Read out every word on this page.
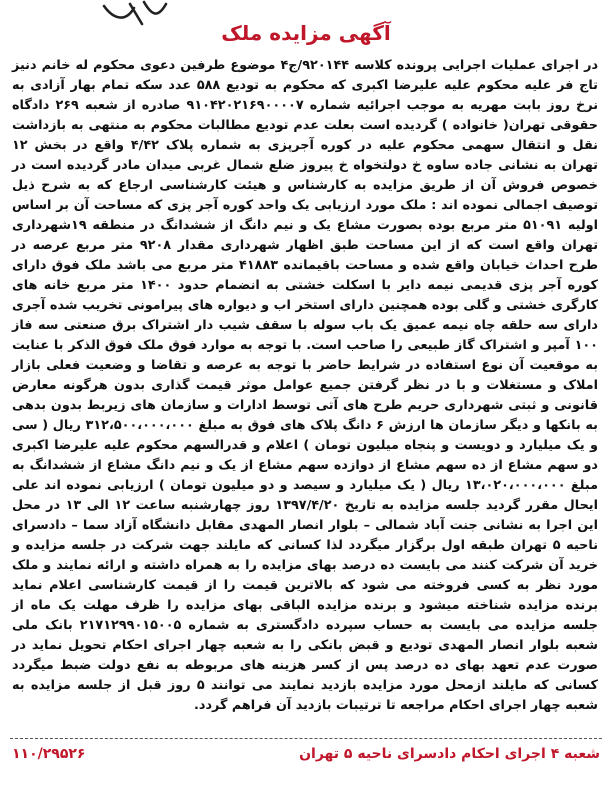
آگهی مزایده ملک

در اجرای عملیات اجرایی پرونده کلاسه ۹۲۰۱۴۴/ج۴ موضوع طرفین دعوی محکوم له خانم دنیز تاج فر علیه محکوم علیه علیرضا اکبری که محکوم به تودیع ۵۸۸ عدد سکه تمام بهار آزادی به نرخ روز بابت مهریه به موجب اجرائیه شماره ۹۱۰۴۲۰۲۱۶۹۰۰۰۰۷ صادره از شعبه ۲۶۹ دادگاه حقوقی تهران( خانواده ) گردیده است بعلت عدم تودیع مطالبات محکوم به منتهی به بازداشت نقل و انتقال سهمی محکوم علیه در کوره آجرپزی به شماره پلاک ۴/۴۲ واقع در بخش ۱۲ تهران به نشانی جاده ساوه خ دولتخواه خ پیروز ضلع شمال غربی میدان مادر گردیده است در خصوص فروش آن از طریق مزایده به کارشناس و هیئت کارشناسی ارجاع که به شرح ذیل توصیف اجمالی نموده اند : ملک مورد ارزیابی یک واحد کوره آجر پزی که مساحت آن بر اساس اولیه ۵۱۰۹۱ متر مربع بوده بصورت مشاع یک و نیم دانگ از ششدانگ در منطقه ۱۹شهرداری تهران واقع است که از این مساحت طبق اظهار شهرداری مقدار ۹۲۰۸ متر مربع عرصه در طرح احداث خیابان واقع شده و مساحت باقیمانده ۴۱۸۸۳ متر مربع می باشد ملک فوق دارای کوره آجر پزی قدیمی نیمه دایر با اسکلت خشتی به انضمام حدود ۱۴۰۰ متر مربع خانه های کارگری خشتی و گلی بوده همچنین دارای استخر اب و دیواره های پیرامونی تخریب شده آجری دارای سه حلقه چاه نیمه عمیق یک باب سوله با سقف شیب دار اشتراک برق صنعتی سه فاز ۱۰۰ آمپر و اشتراک گاز طبیعی را صاحب است. با توجه به موارد فوق ملک فوق الذکر با عنایت به موقعیت آن نوع استفاده در شرایط حاضر با توجه به عرصه و تقاضا و وضعیت فعلی بازار املاک و مستغلات و با در نظر گرفتن جمیع عوامل موثر قیمت گذاری بدون هرگونه معارض قانونی و ثبتی شهرداری حریم طرح های آتی توسط ادارات و سازمان های زیربط بدون بدهی به بانکها و دیگر سازمان ها ارزش ۶ دانگ پلاک های فوق به مبلغ ۳۱۲،۵۰۰،۰۰۰،۰۰۰ ریال ( سی و یک میلیارد و دویست و پنجاه میلیون تومان ) اعلام و قدرالسهم محکوم علیه علیرضا اکبری دو سهم مشاع از ده سهم مشاع از دوازده سهم مشاع از یک و نیم دانگ مشاع از ششدانگ به مبلغ ۱۳،۰۲۰،۰۰۰،۰۰۰ ریال ( یک میلیارد و سیصد و دو میلیون تومان ) ارزیابی نموده اند علی ایحال مقرر گردید جلسه مزایده به تاریخ ۱۳۹۷/۴/۲۰ روز چهارشنبه ساعت ۱۲ الی ۱۳ در محل این اجرا به نشانی جنت آباد شمالی – بلوار انصار المهدی مقابل دانشگاه آزاد سما – دادسرای ناحیه ۵ تهران طبقه اول برگزار میگردد لذا کسانی که مایلند جهت شرکت در جلسه مزایده و خرید آن شرکت کنند می بایست ده درصد بهای مزایده را به همراه داشته و ارائه نمایند و ملک مورد نظر به کسی فروخته می شود که بالاترین قیمت را از قیمت کارشناسی اعلام نماید برنده مزایده شناخته میشود و برنده مزایده الباقی بهای مزایده را ظرف مهلت یک ماه از جلسه مزایده می بایست به حساب سپرده دادگستری به شماره ۲۱۷۱۲۹۹۰۱۵۰۰۵ بانک ملی شعبه بلوار انصار المهدی تودیع و قبض بانکی را به شعبه چهار اجرای احکام تحویل نماید در صورت عدم تعهد بهای ده درصد پس از کسر هزینه های مربوطه به نفع دولت ضبط میگردد کسانی که مایلند ازمحل مورد مزایده بازدید نمایند می توانند ۵ روز قبل از جلسه مزایده به شعبه چهار اجرای احکام مراجعه تا ترتیبات بازدید آن فراهم گردد.

شعبه ۴ اجرای احکام دادسرای ناحیه ۵ تهران
۱۱۰/۲۹۵۲۶
